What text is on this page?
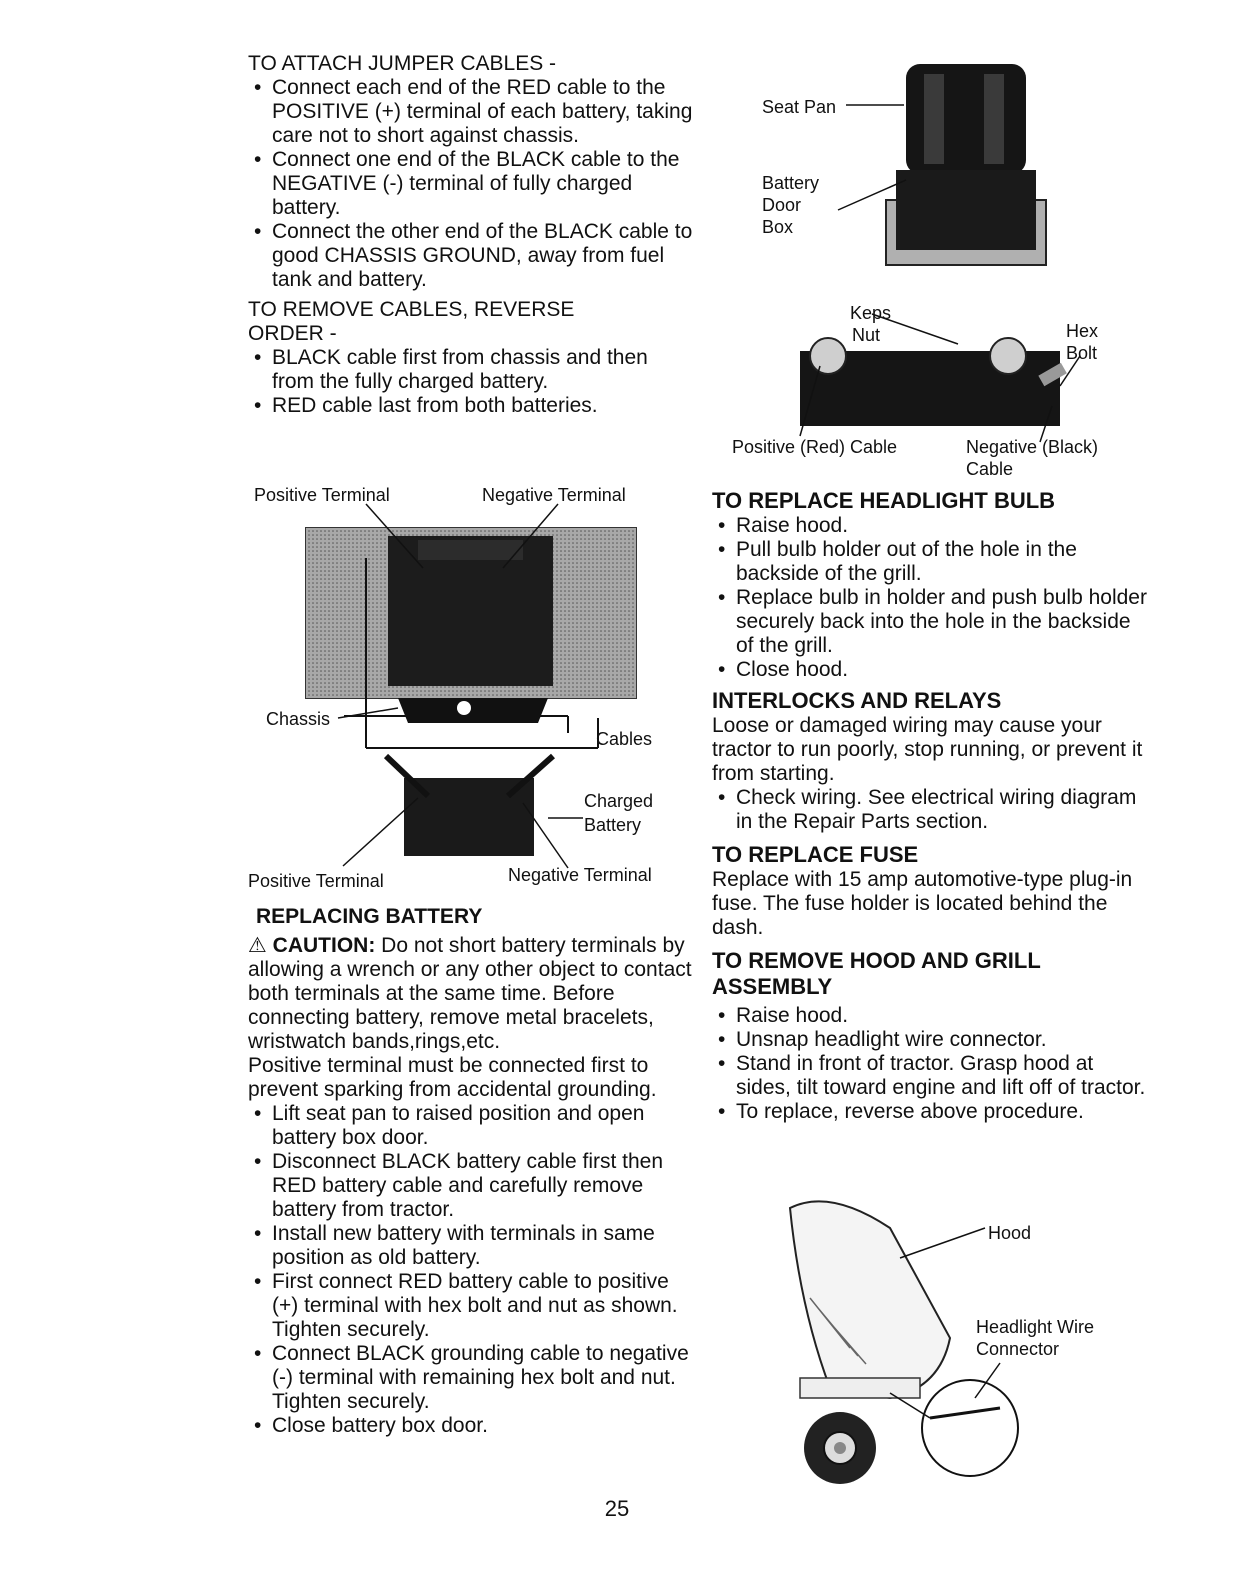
TO ATTACH JUMPER CABLES -
• Connect each end of the RED cable to the POSITIVE (+) terminal of each battery, taking care not to short against chassis.
• Connect one end of the BLACK cable to the NEGATIVE (-) terminal of fully charged battery.
• Connect the other end of the BLACK cable to good CHASSIS GROUND, away from fuel tank and battery.
TO REMOVE CABLES, REVERSE ORDER -
• BLACK cable first from chassis and then from the fully charged battery.
• RED cable last from both batteries.
Positive Terminal	Negative Terminal
Chassis
Cables
Charged
Battery
Positive Terminal	Negative Terminal
REPLACING BATTERY
⚠ CAUTION: Do not short battery terminals by allowing a wrench or any other object to contact both terminals at the same time. Before connecting battery, remove metal bracelets, wristwatch bands,rings,etc.
Positive terminal must be connected first to prevent sparking from accidental grounding.
• Lift seat pan to raised position and open battery box door.
• Disconnect BLACK battery cable first then RED battery cable and carefully remove battery from tractor.
• Install new battery with terminals in same position as old battery.
• First connect RED battery cable to positive (+) terminal with hex bolt and nut as shown. Tighten securely.
• Connect BLACK grounding cable to negative (-) terminal with remaining hex bolt and nut. Tighten securely.
• Close battery box door.
Seat Pan
Battery
Door
Box
Keps
Nut	Hex
Bolt
Positive (Red) Cable	Negative (Black)
Cable
TO REPLACE HEADLIGHT BULB
• Raise hood.
• Pull bulb holder out of the hole in the backside of the grill.
• Replace bulb in holder and push bulb holder securely back into the hole in the backside of the grill.
• Close hood.
INTERLOCKS AND RELAYS
Loose or damaged wiring may cause your tractor to run poorly, stop running, or prevent it from starting.
• Check wiring. See electrical wiring diagram in the Repair Parts section.
TO REPLACE FUSE
Replace with 15 amp automotive-type plug-in fuse. The fuse holder is located behind the dash.
TO REMOVE HOOD AND GRILL ASSEMBLY
• Raise hood.
• Unsnap headlight wire connector.
• Stand in front of tractor. Grasp hood at sides, tilt toward engine and lift off of tractor.
• To replace, reverse above procedure.
Hood
Headlight Wire
Connector
25
